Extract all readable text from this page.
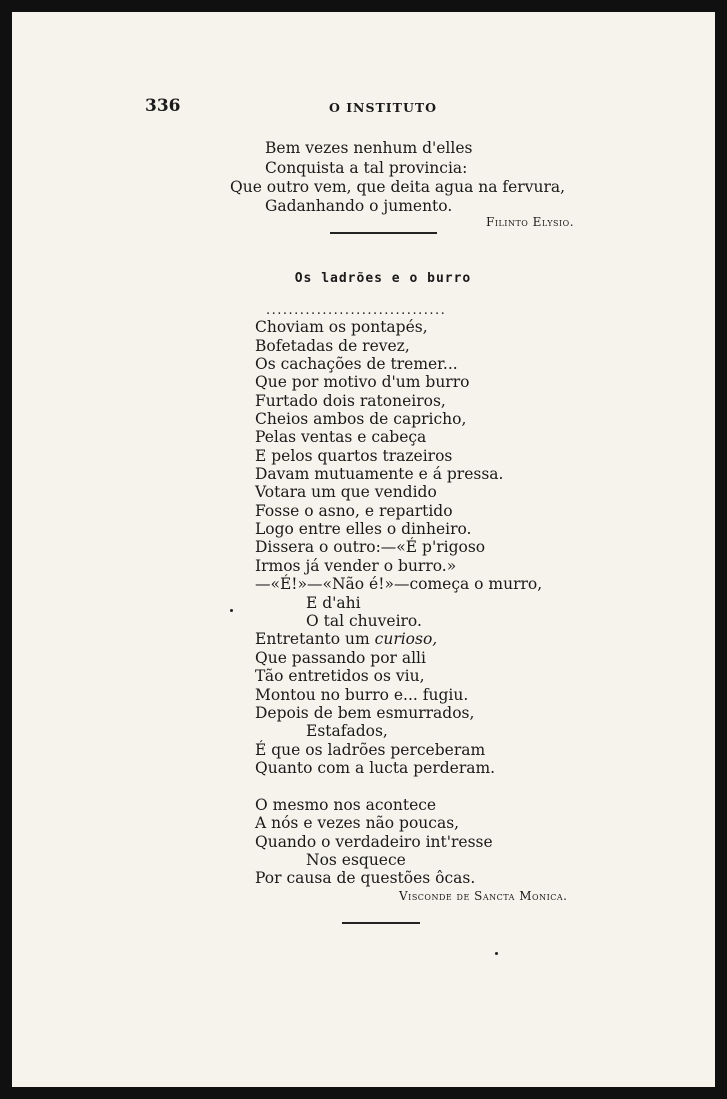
336	O INSTITUTO
Bem vezes nenhum d'elles
Conquista a tal provincia:
Que outro vem, que deita agua na fervura,
Gadanhando o jumento.
Filinto Elysio.
Os ladrões e o burro
................................
Choviam os pontapés,
Bofetadas de revez,
Os cachações de tremer...
Que por motivo d'um burro
Furtado dois ratoneiros,
Cheios ambos de capricho,
Pelas ventas e cabeça
E pelos quartos trazeiros
Davam mutuamente e á pressa.
Votara um que vendido
Fosse o asno, e repartido
Logo entre elles o dinheiro.
Dissera o outro:—«É p'rigoso
Irmos já vender o burro.»
—«É!»—«Não é!»—começa o murro,
E d'ahi
O tal chuveiro.
Entretanto um curioso,
Que passando por alli
Tão entretidos os viu,
Montou no burro e... fugiu.
Depois de bem esmurrados,
Estafados,
É que os ladrões perceberam
Quanto com a lucta perderam.
O mesmo nos acontece
A nós e vezes não poucas,
Quando o verdadeiro int'resse
Nos esquece
Por causa de questões ôcas.
Visconde de Sancta Monica.
